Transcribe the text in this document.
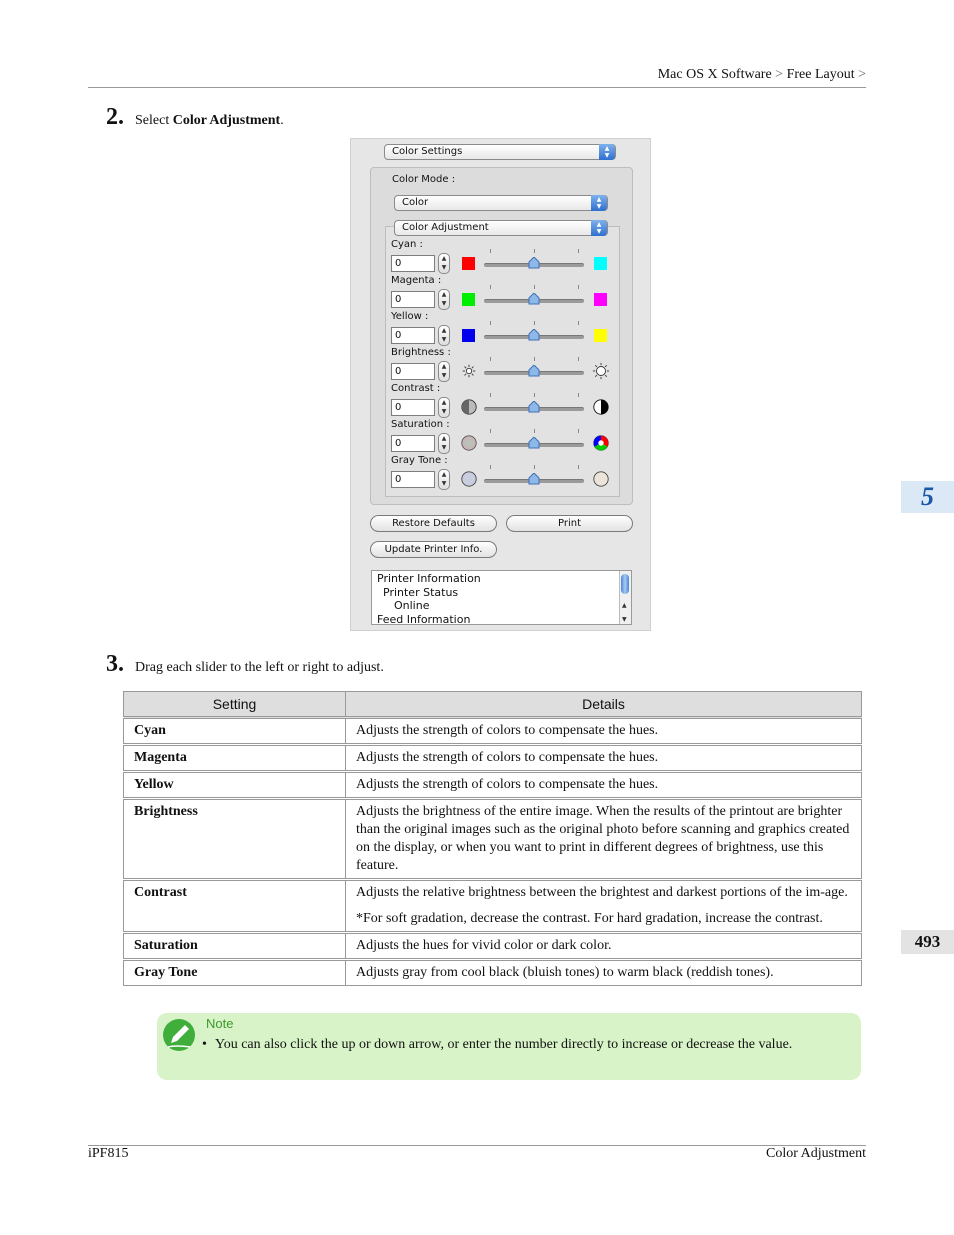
Mac OS X Software > Free Layout >
2. Select Color Adjustment.
Color Settings	▲
▼
Color Mode :
Color	▲
▼
Color Adjustment	▲
▼
Cyan :
0	▲
▼
Magenta :
0	▲
▼
Yellow :
0	▲
▼
Brightness :
0	▲
▼
Contrast :
0	▲
▼
Saturation :
0	▲
▼
Gray Tone :
0	▲
▼
Restore Defaults	Print
Update Printer Info.
Printer Information
Printer Status
Online
Feed Information
▲
▼
3. Drag each slider to the left or right to adjust.
Setting	Details
Cyan	Adjusts the strength of colors to compensate the hues.
Magenta	Adjusts the strength of colors to compensate the hues.
Yellow	Adjusts the strength of colors to compensate the hues.
Brightness	Adjusts the brightness of the entire image. When the results of the printout are brighter than the original images such as the original photo before scanning and graphics created on the display, or when you want to print in different degrees of brightness, use this feature.
Contrast	Adjusts the relative brightness between the brightest and darkest portions of the im-age.
*For soft gradation, decrease the contrast. For hard gradation, increase the contrast.

Saturation	Adjusts the hues for vivid color or dark color.
Gray Tone	Adjusts gray from cool black (bluish tones) to warm black (reddish tones).
Note
• You can also click the up or down arrow, or enter the number directly to increase or decrease the value.
5
493
iPF815	Color Adjustment
